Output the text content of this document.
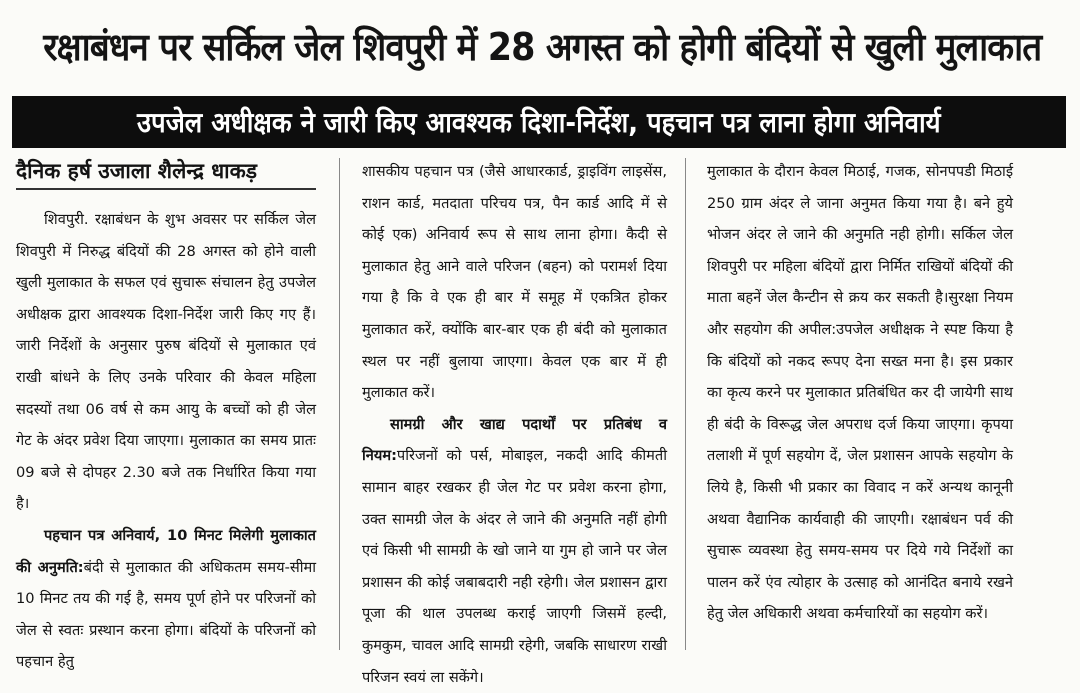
रक्षाबंधन पर सर्किल जेल शिवपुरी में 28 अगस्त को होगी बंदियों से खुली मुलाकात
उपजेल अधीक्षक ने जारी किए आवश्यक दिशा-निर्देश, पहचान पत्र लाना होगा अनिवार्य
दैनिक हर्ष उजाला शैलेन्द्र धाकड़

शिवपुरी. रक्षाबंधन के शुभ अवसर पर सर्किल जेल शिवपुरी में निरुद्ध बंदियों की 28 अगस्त को होने वाली खुली मुलाकात के सफल एवं सुचारू संचालन हेतु उपजेल अधीक्षक द्वारा आवश्यक दिशा-निर्देश जारी किए गए हैं। जारी निर्देशों के अनुसार पुरुष बंदियों से मुलाकात एवं राखी बांधने के लिए उनके परिवार की केवल महिला सदस्यों तथा 06 वर्ष से कम आयु के बच्चों को ही जेल गेट के अंदर प्रवेश दिया जाएगा। मुलाकात का समय प्रातः 09 बजे से दोपहर 2.30 बजे तक निर्धारित किया गया है।

पहचान पत्र अनिवार्य, 10 मिनट मिलेगी मुलाकात की अनुमति:बंदी से मुलाकात की अधिकतम समय-सीमा 10 मिनट तय की गई है, समय पूर्ण होने पर परिजनों को जेल से स्वतः प्रस्थान करना होगा। बंदियों के परिजनों को पहचान हेतु

शासकीय पहचान पत्र (जैसे आधारकार्ड, ड्राइविंग लाइसेंस, राशन कार्ड, मतदाता परिचय पत्र, पैन कार्ड आदि में से कोई एक) अनिवार्य रूप से साथ लाना होगा। कैदी से मुलाकात हेतु आने वाले परिजन (बहन) को परामर्श दिया गया है कि वे एक ही बार में समूह में एकत्रित होकर मुलाकात करें, क्योंकि बार-बार एक ही बंदी को मुलाकात स्थल पर नहीं बुलाया जाएगा। केवल एक बार में ही मुलाकात करें।

सामग्री और खाद्य पदार्थों पर प्रतिबंध व नियम:परिजनों को पर्स, मोबाइल, नकदी आदि कीमती सामान बाहर रखकर ही जेल गेट पर प्रवेश करना होगा, उक्त सामग्री जेल के अंदर ले जाने की अनुमति नहीं होगी एवं किसी भी सामग्री के खो जाने या गुम हो जाने पर जेल प्रशासन की कोई जबाबदारी नही रहेगी। जेल प्रशासन द्वारा पूजा की थाल उपलब्ध कराई जाएगी जिसमें हल्दी, कुमकुम, चावल आदि सामग्री रहेगी, जबकि साधारण राखी परिजन स्वयं ला सकेंगे।

मुलाकात के दौरान केवल मिठाई, गजक, सोनपपडी मिठाई 250 ग्राम अंदर ले जाना अनुमत किया गया है। बने हुये भोजन अंदर ले जाने की अनुमति नही होगी। सर्किल जेल शिवपुरी पर महिला बंदियों द्वारा निर्मित राखियों बंदियों की माता बहनें जेल कैन्टीन से क्रय कर सकती है।सुरक्षा नियम और सहयोग की अपील:उपजेल अधीक्षक ने स्पष्ट किया है कि बंदियों को नकद रूपए देना सख्त मना है। इस प्रकार का कृत्य करने पर मुलाकात प्रतिबंधित कर दी जायेगी साथ ही बंदी के विरूद्ध जेल अपराध दर्ज किया जाएगा। कृपया तलाशी में पूर्ण सहयोग दें, जेल प्रशासन आपके सहयोग के लिये है, किसी भी प्रकार का विवाद न करें अन्यथ कानूनी अथवा वैद्यानिक कार्यवाही की जाएगी। रक्षाबंधन पर्व की सुचारू व्यवस्था हेतु समय-समय पर दिये गये निर्देशों का पालन करें एंव त्योहार के उत्साह को आनंदित बनाये रखने हेतु जेल अधिकारी अथवा कर्मचारियों का सहयोग करें।
